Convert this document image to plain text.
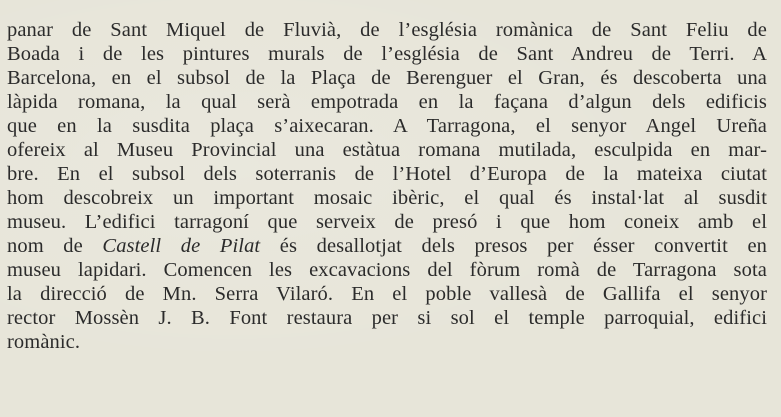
panar de Sant Miquel de Fluvià, de l’església romànica de Sant Feliu de
Boada i de les pintures murals de l’església de Sant Andreu de Terri. A
Barcelona, en el subsol de la Plaça de Berenguer el Gran, és descoberta una
làpida romana, la qual serà empotrada en la façana d’algun dels edificis
que en la susdita plaça s’aixecaran. A Tarragona, el senyor Angel Ureña
ofereix al Museu Provincial una estàtua romana mutilada, esculpida en mar-
bre. En el subsol dels soterranis de l’Hotel d’Europa de la mateixa ciutat
hom descobreix un important mosaic ibèric, el qual és instal·lat al susdit
museu. L’edifici tarragoní que serveix de presó i que hom coneix amb el
nom de Castell de Pilat és desallotjat dels presos per ésser convertit en
museu lapidari. Comencen les excavacions del fòrum romà de Tarragona sota
la direcció de Mn. Serra Vilaró. En el poble vallesà de Gallifa el senyor
rector Mossèn J. B. Font restaura per si sol el temple parroquial, edifici
romànic.
